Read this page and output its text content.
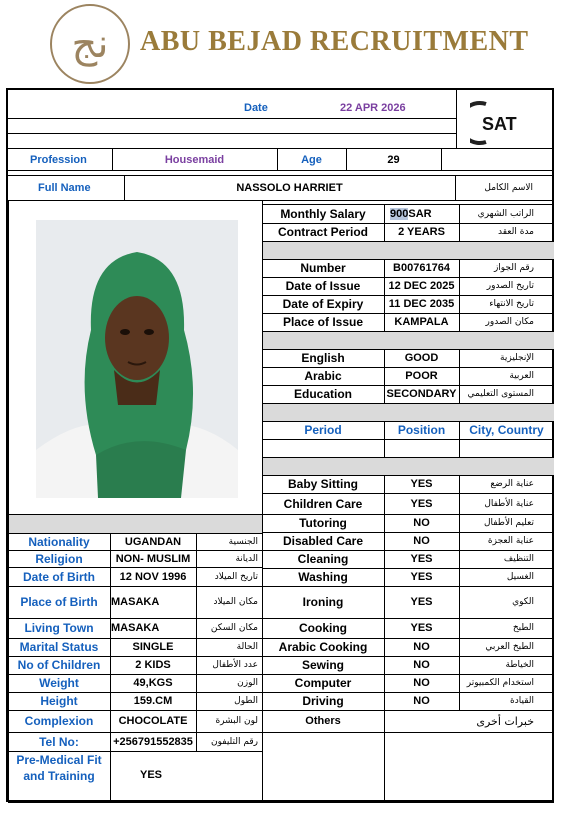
ﻧﺞ ABU BEJAD RECRUITMENT
SAT
Date	22 APR 2026
Profession	Housemaid	Age	29
Full Name	NASSOLO HARRIET	الاسم الكامل
Monthly Salary	900 SAR	الراتب الشهري
Contract Period	2 YEARS	مدة العقد
Number	B00761764	رقم الجواز
Date of Issue	12 DEC 2025	تاريخ الصدور
Date of Expiry	11 DEC 2035	تاريخ الانتهاء
Place of Issue	KAMPALA	مكان الصدور
English	GOOD	الإنجليزية
Arabic	POOR	العربية
Education	SECONDARY	المستوى التعليمي
Period	Position	City, Country
Baby Sitting	YES	عناية الرضع
Children Care	YES	عناية الأطفال
Tutoring	NO	تعليم الأطفال
Disabled Care	NO	عناية العجزة
Cleaning	YES	التنظيف
Washing	YES	الغسيل
Ironing	YES	الكوي
Cooking	YES	الطبخ
Arabic Cooking	NO	الطبخ العربي
Sewing	NO	الخياطة
Computer	NO	استخدام الكمبيوتر
Driving	NO	القيادة
Others	خبرات أخرى
Nationality	UGANDAN	الجنسية
Religion	NON- MUSLIM	الديانة
Date of Birth	12 NOV 1996	تاريخ الميلاد
Place of Birth	MASAKA	مكان الميلاد
Living Town	MASAKA	مكان السكن
Marital Status	SINGLE	الحالة
No of Children	2 KIDS	عدد الأطفال
Weight	49,KGS	الوزن
Height	159.CM	الطول
Complexion	CHOCOLATE	لون البشرة
Tel No:	+256791552835	رقم التليفون
Pre-Medical Fit
and Training	YES
